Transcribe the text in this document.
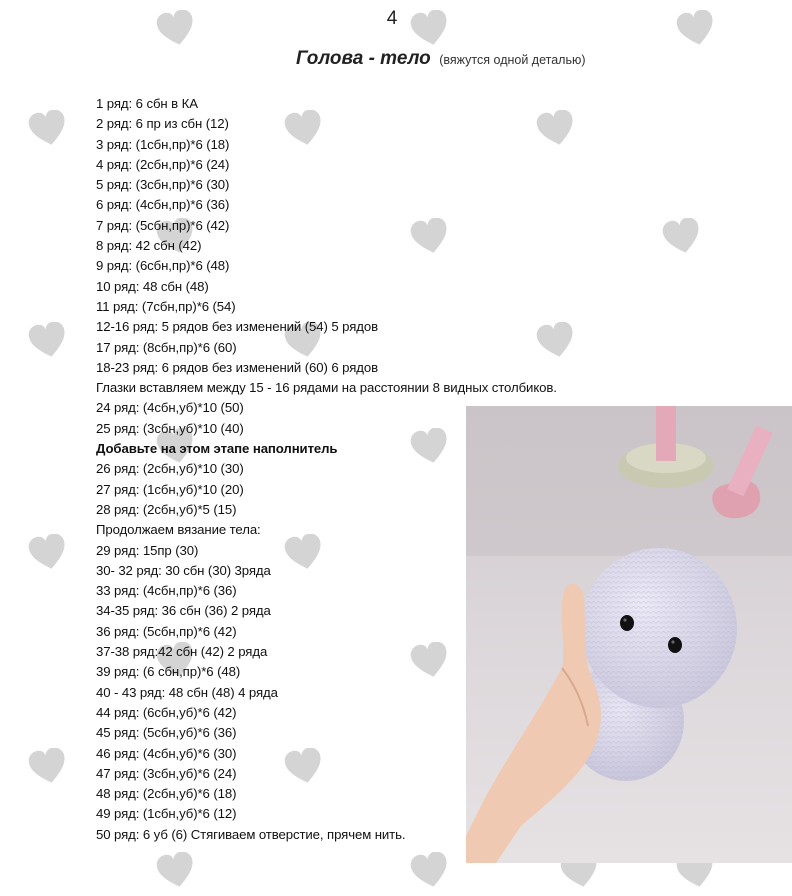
4
Голова - тело (вяжутся одной деталью)
1 ряд: 6 сбн в КА
2 ряд: 6 пр из сбн (12)
3 ряд: (1сбн,пр)*6 (18)
4 ряд: (2сбн,пр)*6 (24)
5 ряд: (3сбн,пр)*6 (30)
6 ряд: (4сбн,пр)*6 (36)
7 ряд: (5сбн,пр)*6 (42)
8 ряд: 42 сбн (42)
9 ряд: (6сбн,пр)*6 (48)
10 ряд: 48 сбн (48)
11 ряд: (7сбн,пр)*6 (54)
12-16 ряд: 5 рядов без изменений (54) 5 рядов
17 ряд: (8сбн,пр)*6 (60)
18-23 ряд: 6 рядов без изменений (60) 6 рядов
Глазки вставляем между 15 - 16 рядами на расстоянии 8 видных столбиков.
24 ряд: (4сбн,уб)*10 (50)
25 ряд: (3сбн,уб)*10 (40)
Добавьте на этом этапе наполнитель
26 ряд: (2сбн,уб)*10 (30)
27 ряд: (1сбн,уб)*10 (20)
28 ряд: (2сбн,уб)*5 (15)
Продолжаем вязание тела:
29 ряд: 15пр (30)
30- 32 ряд: 30 сбн (30) 3ряда
33 ряд: (4сбн,пр)*6 (36)
34-35 ряд: 36 сбн (36) 2 ряда
36 ряд: (5сбн,пр)*6 (42)
37-38 ряд:42 сбн (42) 2 ряда
39 ряд: (6 сбн,пр)*6 (48)
40 - 43 ряд: 48 сбн (48) 4 ряда
44 ряд: (6сбн,уб)*6 (42)
45 ряд: (5сбн,уб)*6 (36)
46 ряд: (4сбн,уб)*6 (30)
47 ряд: (3сбн,уб)*6 (24)
48 ряд: (2сбн,уб)*6 (18)
49 ряд: (1сбн,уб)*6 (12)
50 ряд: 6 уб (6) Стягиваем отверстие, прячем нить.
